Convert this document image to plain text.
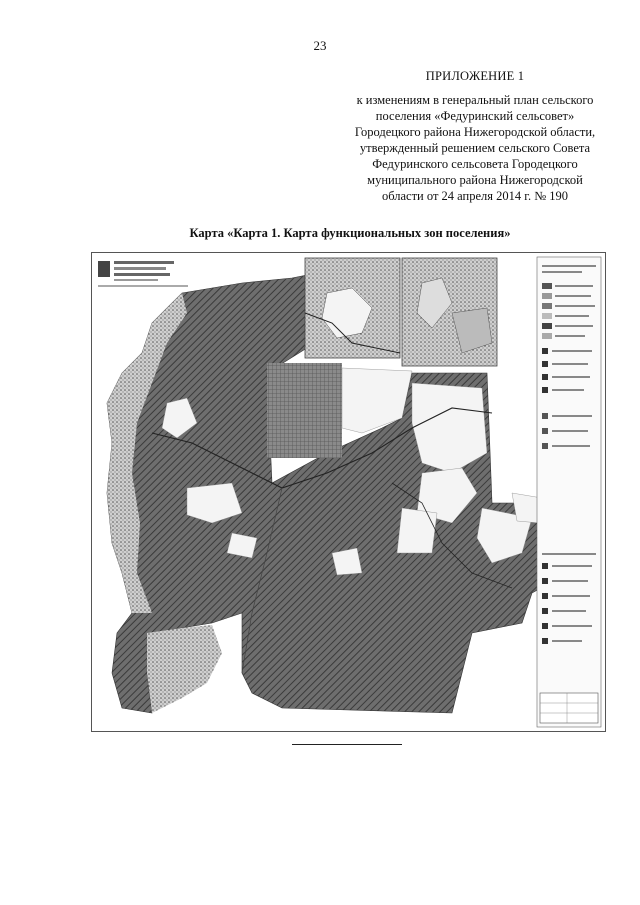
23
ПРИЛОЖЕНИЕ 1
к изменениям в генеральный план сельского
поселения «Федуринский сельсовет»
Городецкого района Нижегородской области,
утвержденный решением сельского Совета
Федуринского сельсовета Городецкого
муниципального района Нижегородской
области от 24 апреля 2014 г. № 190
Карта «Карта 1. Карта функциональных зон поселения»
